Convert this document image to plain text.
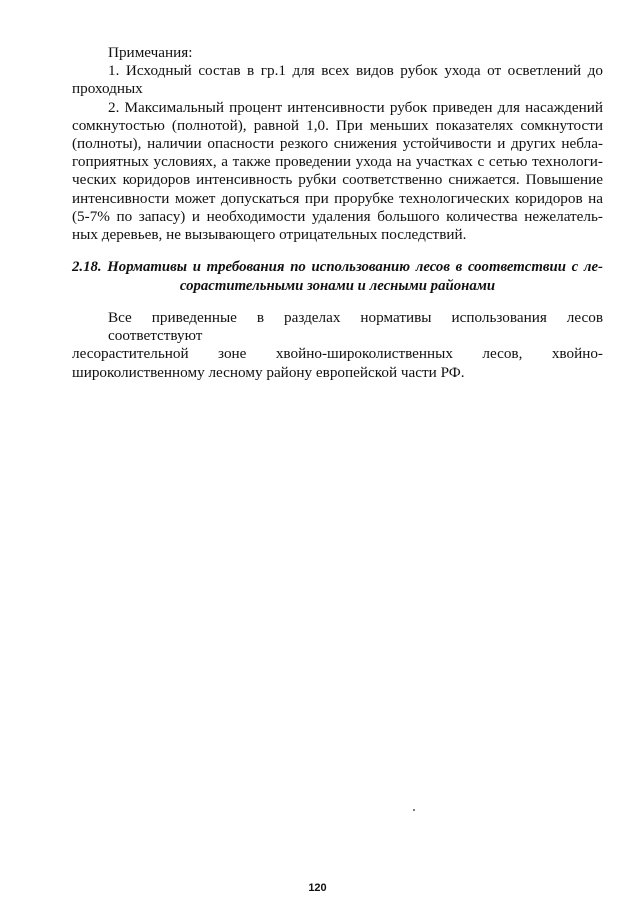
Примечания:
1. Исходный состав в гр.1 для всех видов рубок ухода от осветлений до
проходных
2. Максимальный процент интенсивности рубок приведен для насаждений
сомкнутостью (полнотой), равной 1,0. При меньших показателях сомкнутости
(полноты), наличии опасности резкого снижения устойчивости и других небла-
гоприятных условиях, а также проведении ухода на участках с сетью технологи-
ческих коридоров интенсивность рубки соответственно снижается. Повышение
интенсивности может допускаться при прорубке технологических коридоров на
(5-7% по запасу) и необходимости удаления большого количества нежелатель-
ных деревьев, не вызывающего отрицательных последствий.
2.18. Нормативы и требования по использованию лесов в соответствии с ле-
сорастительными зонами и лесными районами
Все приведенные в разделах нормативы использования лесов соответствуют
лесорастительной зоне хвойно-широколиственных лесов, хвойно-
широколиственному лесному району европейской части РФ.
120
